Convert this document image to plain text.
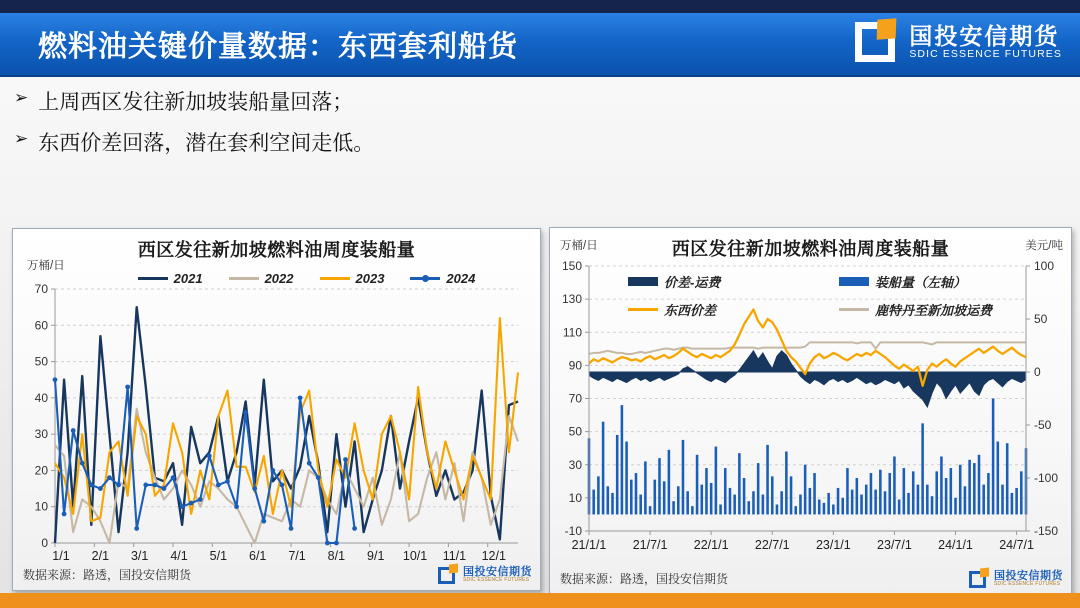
燃料油关键价量数据：东西套利船货	国投安信期货
SDIC ESSENCE FUTURES
➢ 上周西区发往新加坡装船量回落；
➢ 东西价差回落，潜在套利空间走低。
西区发往新加坡燃料油周度装船量
万桶/日
2021	2022	2023	2024
0
10
20
30
40
50
60
70
1/1 2/1 3/1 4/1 5/1 6/1 7/1 8/1 9/1 10/1 11/1 12/1
数据来源：路透，国投安信期货	国投安信期货
SDIC ESSENCE FUTURES
西区发往新加坡燃料油周度装船量
万桶/日	美元/吨
价差-运费	装船量（左轴）
东西价差	鹿特丹至新加坡运费
-10
10
30
50
70
90
110
130
150
-150
-100
-50
0
50
100
21/1/1 21/7/1 22/1/1 22/7/1 23/1/1 23/7/1 24/1/1 24/7/1
数据来源：路透，国投安信期货	国投安信期货
SDIC ESSENCE FUTURES
